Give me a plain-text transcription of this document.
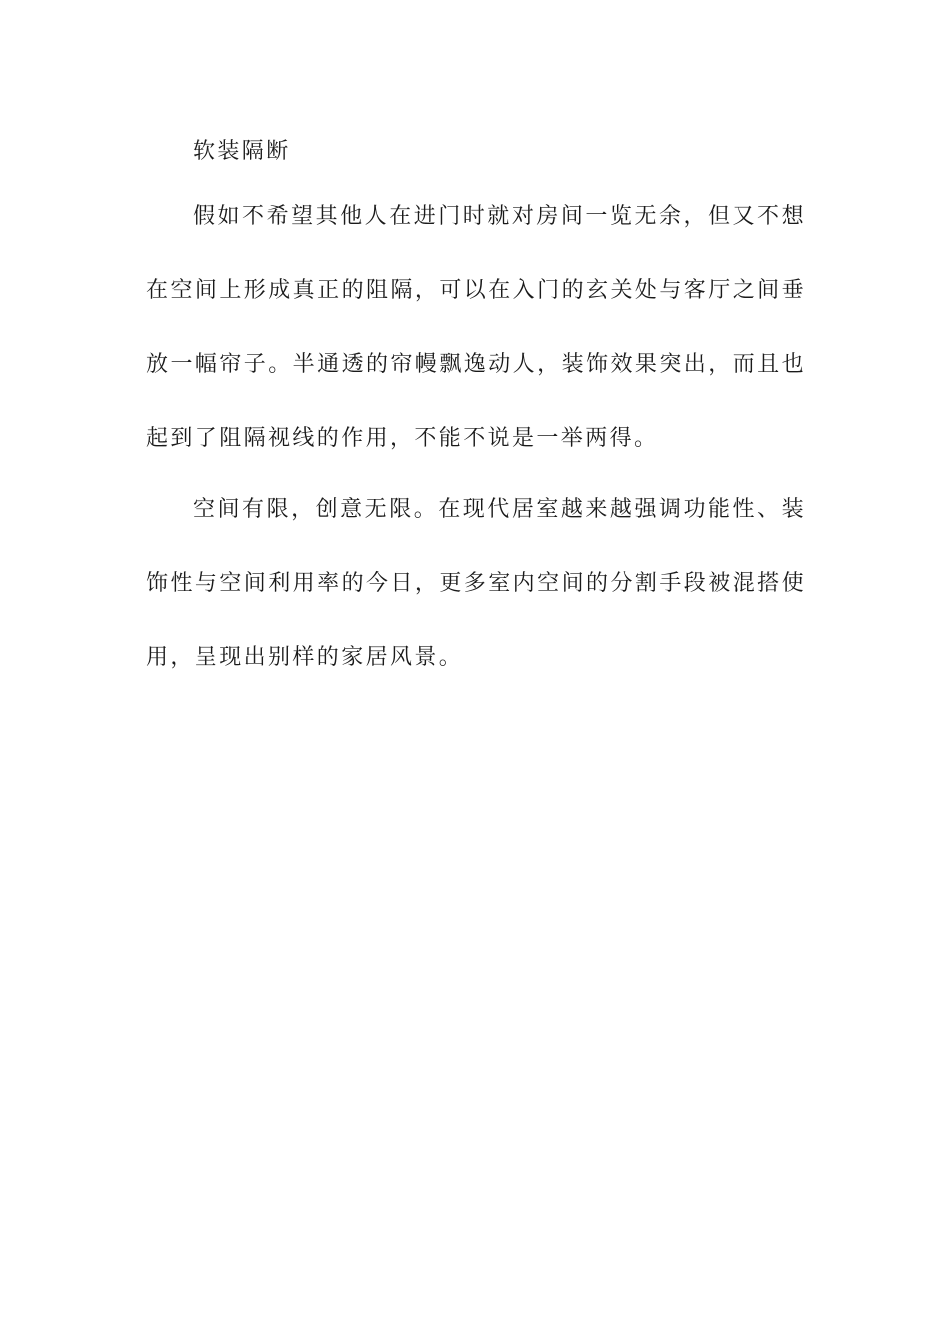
软装隔断

假如不希望其他人在进门时就对房间一览无余，但又不想在空间上形成真正的阻隔，可以在入门的玄关处与客厅之间垂放一幅帘子。半通透的帘幔飘逸动人，装饰效果突出，而且也起到了阻隔视线的作用，不能不说是一举两得。

空间有限，创意无限。在现代居室越来越强调功能性、装饰性与空间利用率的今日，更多室内空间的分割手段被混搭使用，呈现出别样的家居风景。
